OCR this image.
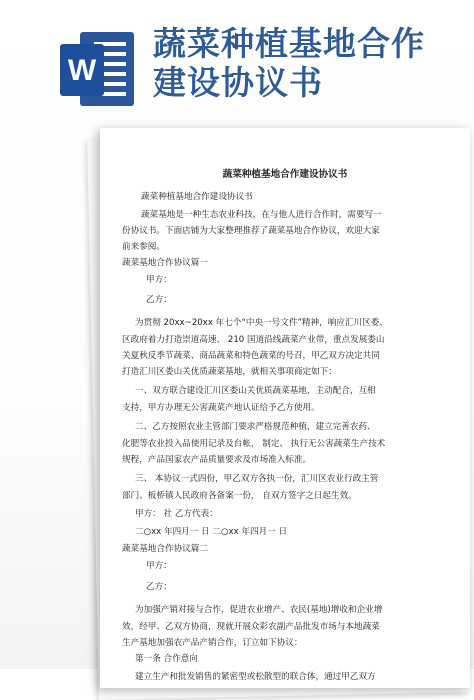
W
蔬菜种植基地合作
建设协议书
蔬菜种植基地合作建设协议书
蔬菜种植基地合作建设协议书
蔬菜基地是一种生态农业科技，在与他人进行合作时，需要写一
份协议书。下面店铺为大家整理推荐了蔬菜基地合作协议，欢迎大家
前来参阅。
蔬菜基地合作协议篇一
甲方：
乙方：
为贯彻 20xx~20xx 年七个“中央一号文件”精神，响应汇川区委、
区政府着力打造崇道高速、 210 国道沿线蔬菜产业带，重点发展娄山
关夏秋反季节蔬菜、商品蔬菜和特色蔬菜的号召，甲乙双方决定共同
打造汇川区娄山关优质蔬菜基地，就相关事项商定如下：
一、双方联合建设汇川区娄山关优质蔬菜基地，主动配合，互相
支持，甲方办理无公害蔬菜产地认证给予乙方使用。
二、乙方按照农业主管部门要求严格规范种植，建立完善农药、
化肥等农业投入品使用记录及台帐， 制定、 执行无公害蔬菜生产技术
规程，产品国家农产品质量要求及市场准入标准。
三、 本协议一式四份，甲乙双方各执一份，汇川区农业行政主管
部门、板桥镇人民政府各备案一份， 自双方签字之日起生效。
甲方： 社 乙方代表：
二○xx 年四月一 日 二○xx 年四月一 日
蔬菜基地合作协议篇二
甲方：
乙方：
为加强产销对接与合作，促进农业增产、农民(基地)增收和企业增
效，经甲、乙双方协商，现就开展众彩农副产品批发市场与本地蔬菜
生产基地加强农产品产销合作，订立如下协议：
第一条 合作意向
建立生产和批发销售的紧密型或松散型的联合体，通过甲乙双方
